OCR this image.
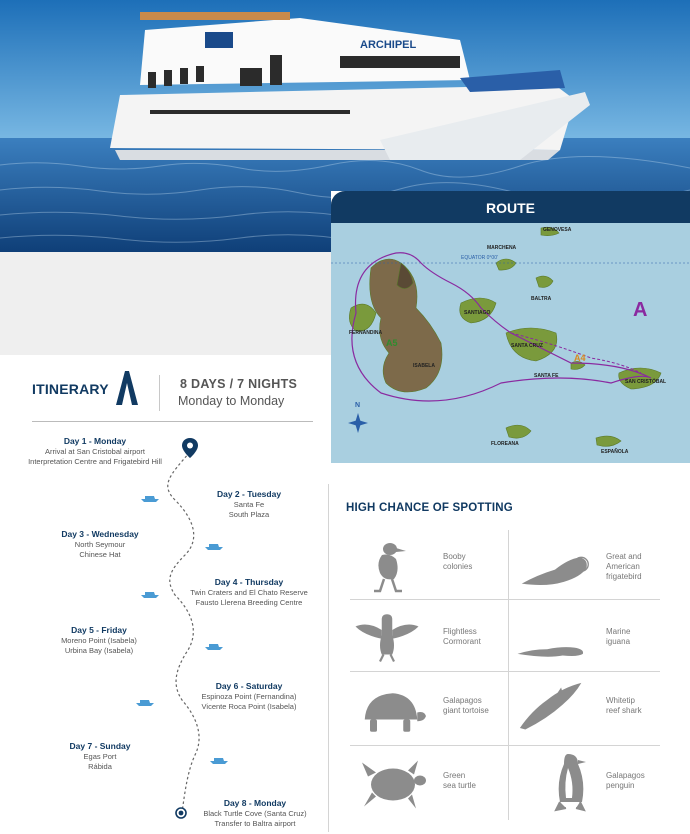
ARCHIPEL
ROUTE
GENOVESA
MARCHENA
EQUATOR 0°00'
SANTIAGO
BALTRA
FERNANDINA
ISABELA
SANTA CRUZ
SANTA FE
SAN CRISTÓBAL
FLOREANA
ESPAÑOLA
A5
A4
A
N
ITINERARY	8 DAYS / 7 NIGHTS
Monday to Monday
Day 1 - Monday
Arrival at San Cristobal airport
Interpretation Centre and Frigatebird Hill
Day 2 - Tuesday
Santa Fe
South Plaza
Day 3 - Wednesday
North Seymour
Chinese Hat
Day 4 - Thursday
Twin Craters and El Chato Reserve
Fausto Llerena Breeding Centre
Day 5 - Friday
Moreno Point (Isabela)
Urbina Bay (Isabela)
Day 6 - Saturday
Espinoza Point (Fernandina)
Vicente Roca Point (Isabela)
Day 7 - Sunday
Egas Port
Rábida
Day 8 - Monday
Black Turtle Cove (Santa Cruz)
Transfer to Baltra airport
HIGH CHANCE OF SPOTTING
Booby
colonies
Great and
American
frigatebird
Flightless
Cormorant
Marine
iguana
Galapagos
giant tortoise
Whitetip
reef shark
Green
sea turtle
Galapagos
penguin
